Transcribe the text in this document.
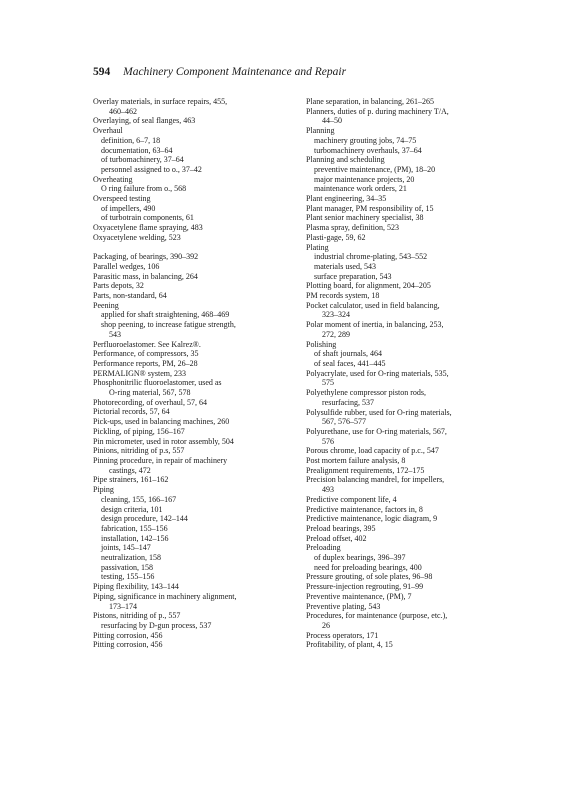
594 Machinery Component Maintenance and Repair
Overlay materials, in surface repairs, 455,
460–462
Overlaying, of seal flanges, 463
Overhaul
definition, 6–7, 18
documentation, 63–64
of turbomachinery, 37–64
personnel assigned to o., 37–42
Overheating
O ring failure from o., 568
Overspeed testing
of impellers, 490
of turbotrain components, 61
Oxyacetylene flame spraying, 483
Oxyacetylene welding, 523
Packaging, of bearings, 390–392
Parallel wedges, 106
Parasitic mass, in balancing, 264
Parts depots, 32
Parts, non-standard, 64
Peening
applied for shaft straightening, 468–469
shop peening, to increase fatigue strength,
543
Perfluoroelastomer. See Kalrez®.
Performance, of compressors, 35
Performance reports, PM, 26–28
PERMALIGN® system, 233
Phosphonitrilic fluoroelastomer, used as
O-ring material, 567, 578
Photorecording, of overhaul, 57, 64
Pictorial records, 57, 64
Pick-ups, used in balancing machines, 260
Pickling, of piping, 156–167
Pin micrometer, used in rotor assembly, 504
Pinions, nitriding of p.s, 557
Pinning procedure, in repair of machinery
castings, 472
Pipe strainers, 161–162
Piping
cleaning, 155, 166–167
design criteria, 101
design procedure, 142–144
fabrication, 155–156
installation, 142–156
joints, 145–147
neutralization, 158
passivation, 158
testing, 155–156
Piping flexibility, 143–144
Piping, significance in machinery alignment,
173–174
Pistons, nitriding of p., 557
resurfacing by D-gun process, 537
Pitting corrosion, 456
Pitting corrosion, 456
Plane separation, in balancing, 261–265
Planners, duties of p. during machinery T/A,
44–50
Planning
machinery grouting jobs, 74–75
turbomachinery overhauls, 37–64
Planning and scheduling
preventive maintenance, (PM), 18–20
major maintenance projects, 20
maintenance work orders, 21
Plant engineering, 34–35
Plant manager, PM responsibility of, 15
Plant senior machinery specialist, 38
Plasma spray, definition, 523
Plasti-gage, 59, 62
Plating
industrial chrome-plating, 543–552
materials used, 543
surface preparation, 543
Plotting board, for alignment, 204–205
PM records system, 18
Pocket calculator, used in field balancing,
323–324
Polar moment of inertia, in balancing, 253,
272, 289
Polishing
of shaft journals, 464
of seal faces, 441–445
Polyacrylate, used for O-ring materials, 535,
575
Polyethylene compressor piston rods,
resurfacing, 537
Polysulfide rubber, used for O-ring materials,
567, 576–577
Polyurethane, use for O-ring materials, 567,
576
Porous chrome, load capacity of p.c., 547
Post mortem failure analysis, 8
Prealignment requirements, 172–175
Precision balancing mandrel, for impellers,
493
Predictive component life, 4
Predictive maintenance, factors in, 8
Predictive maintenance, logic diagram, 9
Preload bearings, 395
Preload offset, 402
Preloading
of duplex bearings, 396–397
need for preloading bearings, 400
Pressure grouting, of sole plates, 96–98
Pressure-injection regrouting, 91–99
Preventive maintenance, (PM), 7
Preventive plating, 543
Procedures, for maintenance (purpose, etc.),
26
Process operators, 171
Profitability, of plant, 4, 15
